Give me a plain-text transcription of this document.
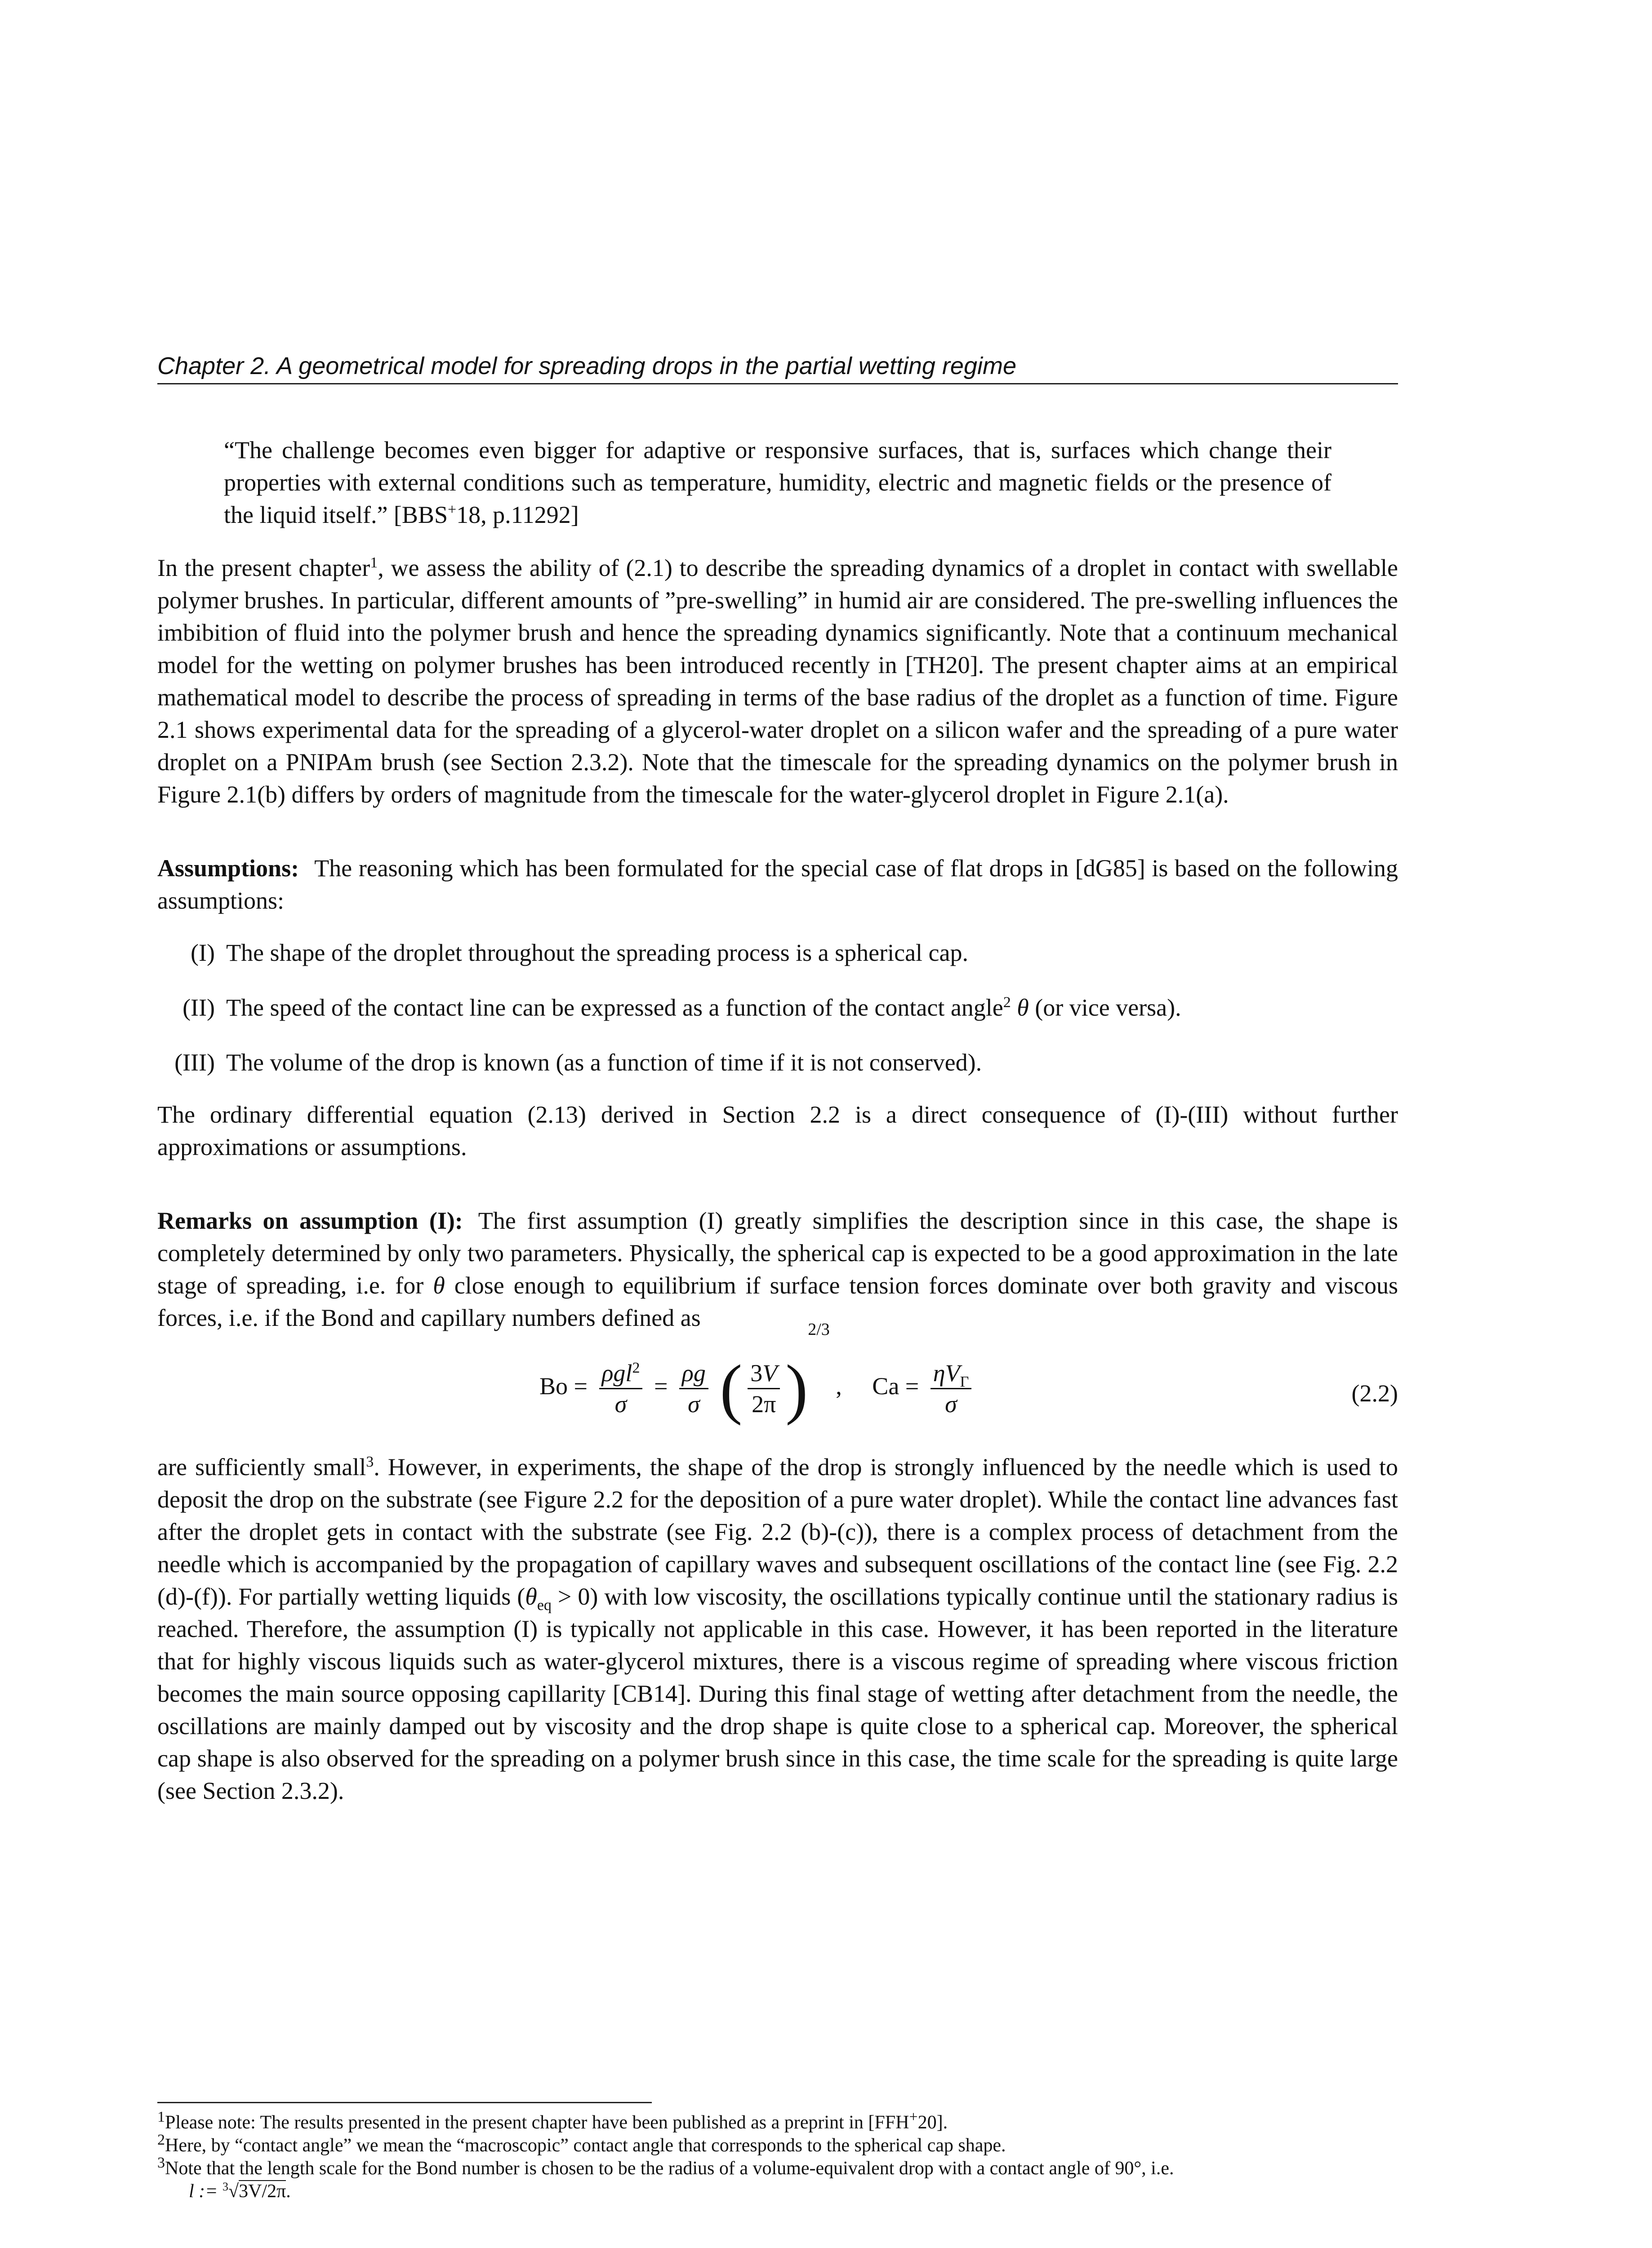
Chapter 2. A geometrical model for spreading drops in the partial wetting regime

“The challenge becomes even bigger for adaptive or responsive surfaces, that is, surfaces which change their properties with external conditions such as temperature, humidity, electric and magnetic fields or the presence of the liquid itself.” [BBS+18, p.11292]

In the present chapter$^1$, we assess the ability of (2.1) to describe the spreading dynamics of a droplet in contact with swellable polymer brushes. In particular, different amounts of ”pre-swelling” in humid air are considered. The pre-swelling influences the imbibition of fluid into the polymer brush and hence the spreading dynamics significantly. Note that a continuum mechanical model for the wetting on polymer brushes has been introduced recently in [TH20]. The present chapter aims at an empirical mathematical model to describe the process of spreading in terms of the base radius of the droplet as a function of time. Figure 2.1 shows experimental data for the spreading of a glycerol-water droplet on a silicon wafer and the spreading of a pure water droplet on a PNIPAm brush (see Section 2.3.2). Note that the timescale for the spreading dynamics on the polymer brush in Figure 2.1(b) differs by orders of magnitude from the timescale for the water-glycerol droplet in Figure 2.1(a).

Assumptions: The reasoning which has been formulated for the special case of flat drops in [dG85] is based on the following assumptions:

(I) The shape of the droplet throughout the spreading process is a spherical cap.

(II) The speed of the contact line can be expressed as a function of the contact angle$^2$ θ (or vice versa).

(III) The volume of the drop is known (as a function of time if it is not conserved).

The ordinary differential equation (2.13) derived in Section 2.2 is a direct consequence of (I)-(III) without further approximations or assumptions.

Remarks on assumption (I): The first assumption (I) greatly simplifies the description since in this case, the shape is completely determined by only two parameters. Physically, the spherical cap is expected to be a good approximation in the late stage of spreading, i.e. for θ close enough to equilibrium if surface tension forces dominate over both gravity and viscous forces, i.e. if the Bond and capillary numbers defined as

$Bo = \frac{\rho gl^2}{\sigma} = \frac{\rho g}{\sigma}$ ( $\frac{3V}{2\pi} )^{2/3}$ , $Ca = \frac{\eta V_\Gamma}{\sigma}$	(2.2)

are sufficiently small$^3$. However, in experiments, the shape of the drop is strongly influenced by the needle which is used to deposit the drop on the substrate (see Figure 2.2 for the deposition of a pure water droplet). While the contact line advances fast after the droplet gets in contact with the substrate (see Fig. 2.2 (b)-(c)), there is a complex process of detachment from the needle which is accompanied by the propagation of capillary waves and subsequent oscillations of the contact line (see Fig. 2.2 (d)-(f)). For partially wetting liquids $(\theta_{eq} > 0)$ with low viscosity, the oscillations typically continue until the stationary radius is reached. Therefore, the assumption (I) is typically not applicable in this case. However, it has been reported in the literature that for highly viscous liquids such as water-glycerol mixtures, there is a viscous regime of spreading where viscous friction becomes the main source opposing capillarity [CB14]. During this final stage of wetting after detachment from the needle, the oscillations are mainly damped out by viscosity and the drop shape is quite close to a spherical cap. Moreover, the spherical cap shape is also observed for the spreading on a polymer brush since in this case, the time scale for the spreading is quite large (see Section 2.3.2).

$^1$Please note: The results presented in the present chapter have been published as a preprint in [FFH+20].

$^2$Here, by “contact angle” we mean the “macroscopic” contact angle that corresponds to the spherical cap shape.

$^3$Note that the length scale for the Bond number is chosen to be the radius of a volume-equivalent drop with a contact angle of 90°, i.e.

l := $^3$√3V/2π.
